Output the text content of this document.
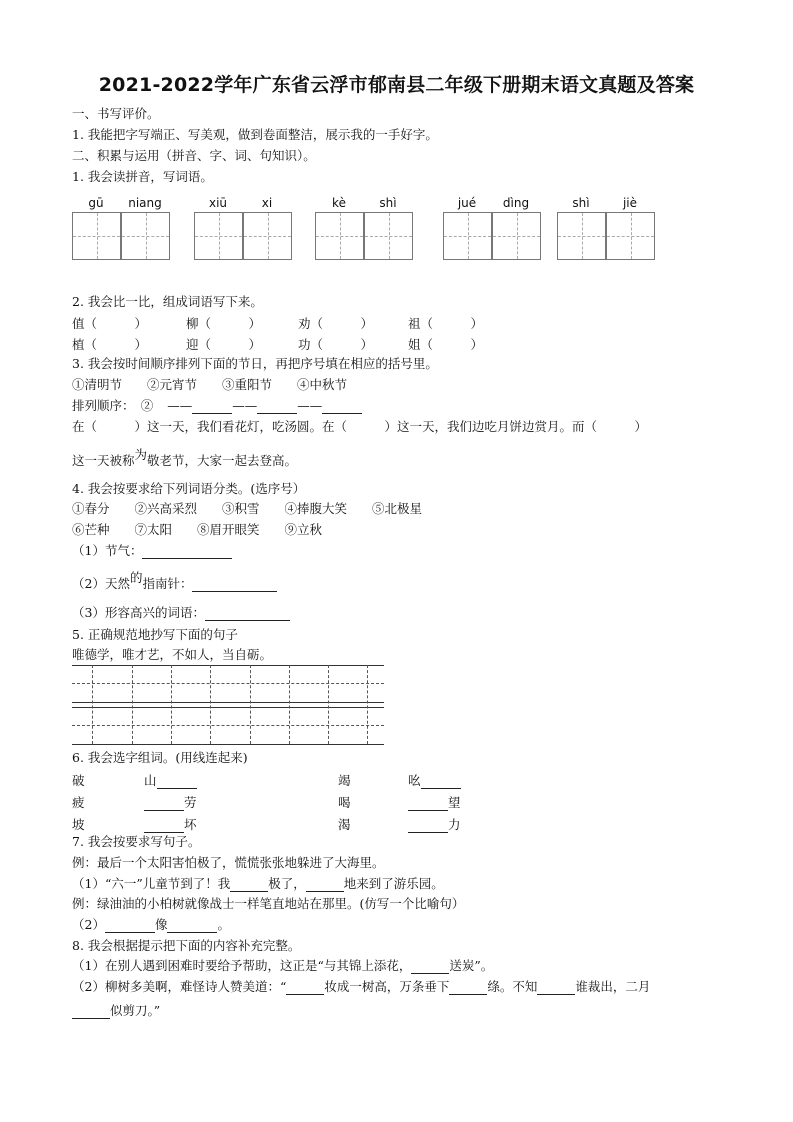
2021-2022学年广东省云浮市郁南县二年级下册期末语文真题及答案
一、书写评价。
1. 我能把字写端正、写美观，做到卷面整洁，展示我的一手好字。
二、积累与运用（拼音、字、词、句知识）。
1. 我会读拼音，写词语。
gū	niang	xiū	xi	kè	shì	jué	dìng	shì	jiè
2. 我会比一比，组成词语写下来。
值（　　　）	柳（　　　）	劝（　　　）	祖（　　　）
植（　　　）	迎（　　　）	功（　　　）	姐（　　　）
3. 我会按时间顺序排列下面的节日，再把序号填在相应的括号里。
①清明节　　②元宵节　　③重阳节　　④中秋节
排列顺序：　② ——	——	——
在（　　　）这一天，我们看花灯，吃汤圆。在（　　　）这一天，我们边吃月饼边赏月。而（　　　）
这一天被称为敬老节，大家一起去登高。
4. 我会按要求给下列词语分类。(选序号）
①春分　　②兴高采烈　　③积雪　　④捧腹大笑　　⑤北极星
⑥芒种　　⑦太阳　　⑧眉开眼笑　　⑨立秋
（1）节气：
（2）天然的指南针：
（3）形容高兴的词语：
5. 正确规范地抄写下面的句子
唯德学，唯才艺，不如人，当自砺。
6. 我会选字组词。(用线连起来)
破	山	竭	吆
疲	劳	喝	望
坡	坏	渴	力
7. 我会按要求写句子。
例：最后一个太阳害怕极了，慌慌张张地躲进了大海里。
（1）“六一”儿童节到了！我	极了，	地来到了游乐园。
例：绿油油的小柏树就像战士一样笔直地站在那里。(仿写一个比喻句）
（2）	像	。
8. 我会根据提示把下面的内容补充完整。
（1）在别人遇到困难时要给予帮助，这正是“与其锦上添花，	送炭”。
（2）柳树多美啊，难怪诗人赞美道：“	妆成一树高，万条垂下	绦。不知	谁裁出，二月
似剪刀。”
